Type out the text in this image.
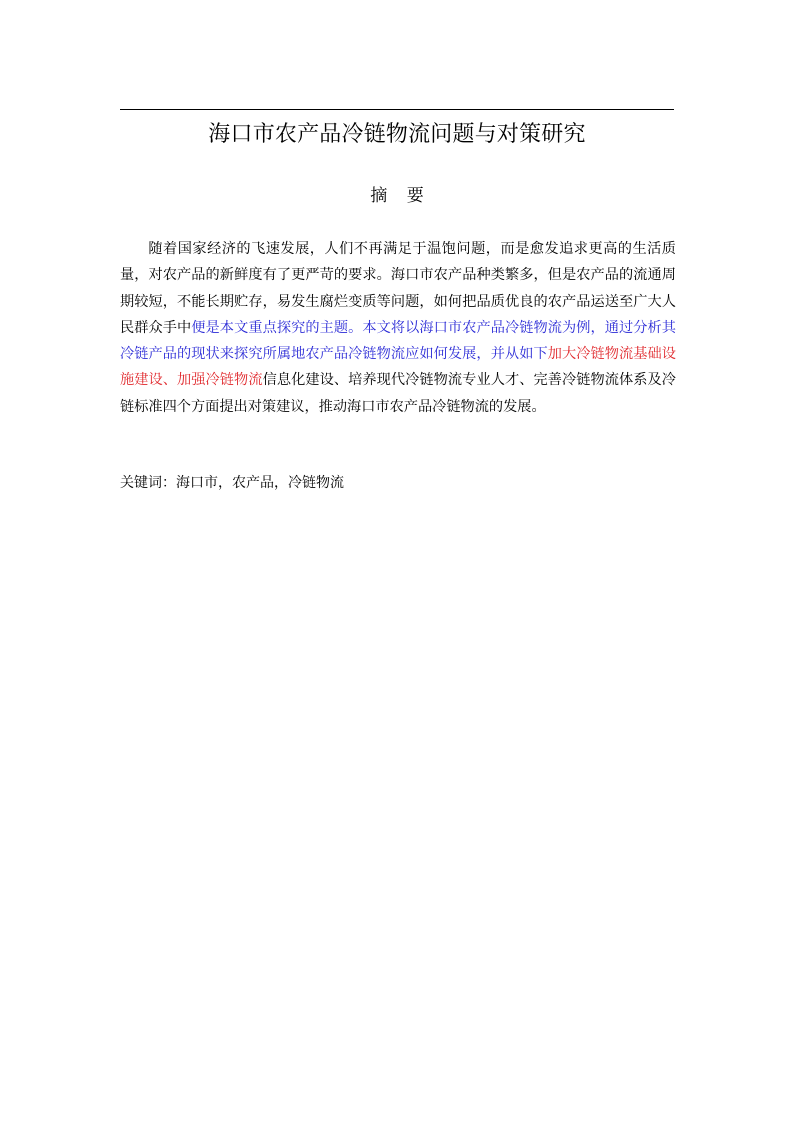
海口市农产品冷链物流问题与对策研究
摘 要

随着国家经济的飞速发展，人们不再满足于温饱问题，而是愈发追求更高的生活质量，对农产品的新鲜度有了更严苛的要求。海口市农产品种类繁多，但是农产品的流通周期较短，不能长期贮存，易发生腐烂变质等问题，如何把品质优良的农产品运送至广大人民群众手中便是本文重点探究的主题。本文将以海口市农产品冷链物流为例，通过分析其冷链产品的现状来探究所属地农产品冷链物流应如何发展，并从如下加大冷链物流基础设施建设、加强冷链物流信息化建设、培养现代冷链物流专业人才、完善冷链物流体系及冷链标准四个方面提出对策建议，推动海口市农产品冷链物流的发展。

关键词：海口市，农产品，冷链物流
